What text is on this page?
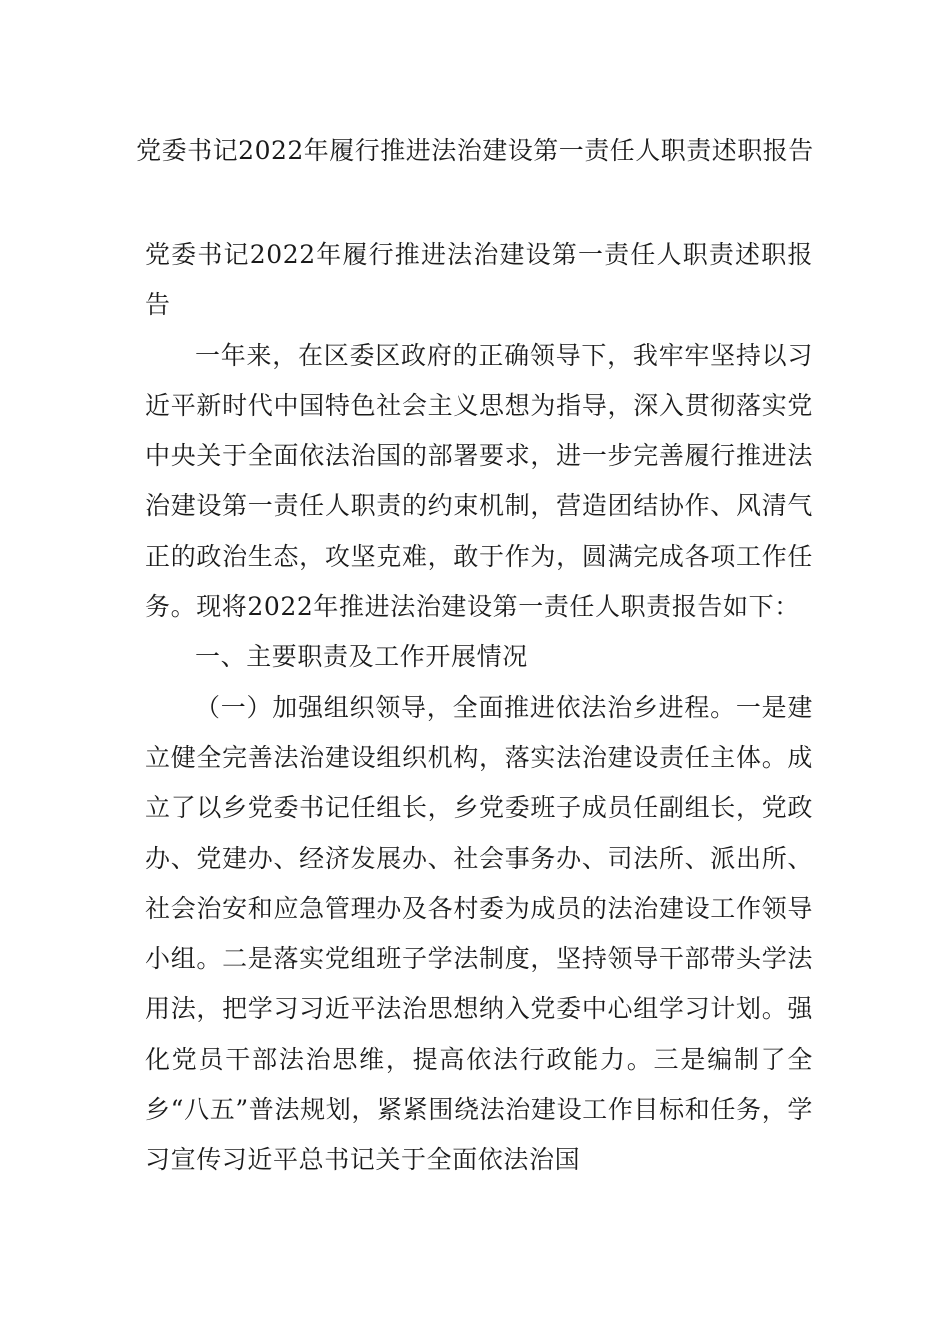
党委书记2022年履行推进法治建设第一责任人职责述职报告

党委书记2022年履行推进法治建设第一责任人职责述职报告

一年来，在区委区政府的正确领导下，我牢牢坚持以习近平新时代中国特色社会主义思想为指导，深入贯彻落实党中央关于全面依法治国的部署要求，进一步完善履行推进法治建设第一责任人职责的约束机制，营造团结协作、风清气正的政治生态，攻坚克难，敢于作为，圆满完成各项工作任务。现将2022年推进法治建设第一责任人职责报告如下：

一、主要职责及工作开展情况

（一）加强组织领导，全面推进依法治乡进程。一是建立健全完善法治建设组织机构，落实法治建设责任主体。成立了以乡党委书记任组长，乡党委班子成员任副组长，党政办、党建办、经济发展办、社会事务办、司法所、派出所、社会治安和应急管理办及各村委为成员的法治建设工作领导小组。二是落实党组班子学法制度，坚持领导干部带头学法用法，把学习习近平法治思想纳入党委中心组学习计划。强化党员干部法治思维，提高依法行政能力。三是编制了全乡“八五”普法规划，紧紧围绕法治建设工作目标和任务，学习宣传习近平总书记关于全面依法治国
